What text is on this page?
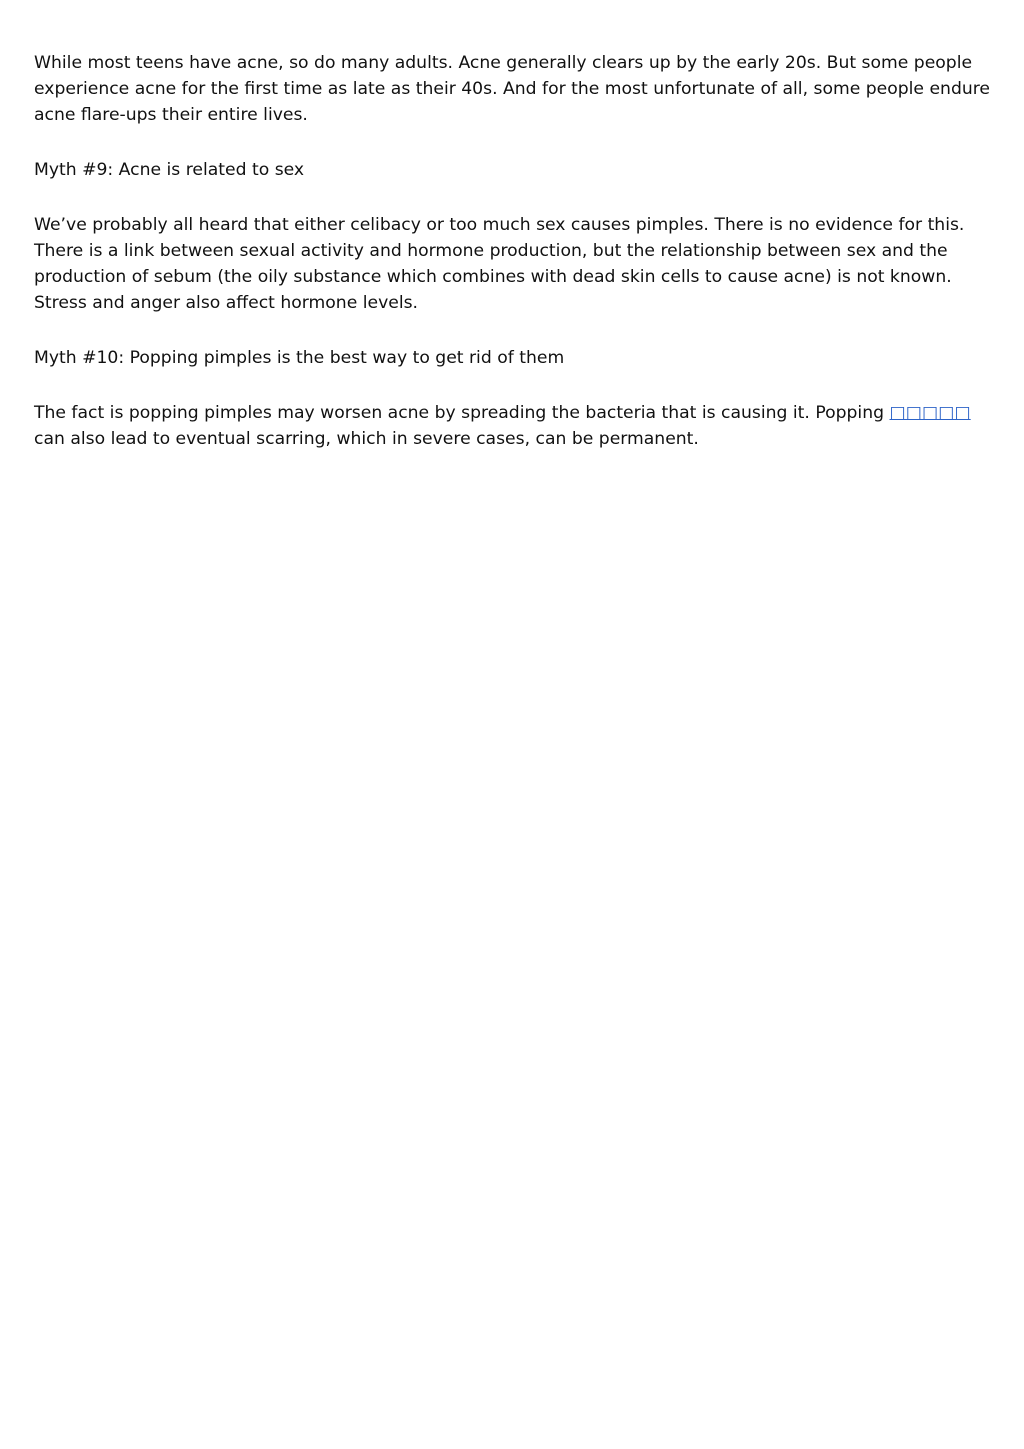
While most teens have acne, so do many adults. Acne generally clears up by the early 20s. But some people experience acne for the first time as late as their 40s. And for the most unfortunate of all, some people endure acne flare-ups their entire lives.

Myth #9: Acne is related to sex

We’ve probably all heard that either celibacy or too much sex causes pimples. There is no evidence for this. There is a link between sexual activity and hormone production, but the relationship between sex and the production of sebum (the oily substance which combines with dead skin cells to cause acne) is not known. Stress and anger also affect hormone levels.

Myth #10: Popping pimples is the best way to get rid of them

The fact is popping pimples may worsen acne by spreading the bacteria that is causing it. Popping □□□□□ can also lead to eventual scarring, which in severe cases, can be permanent.
